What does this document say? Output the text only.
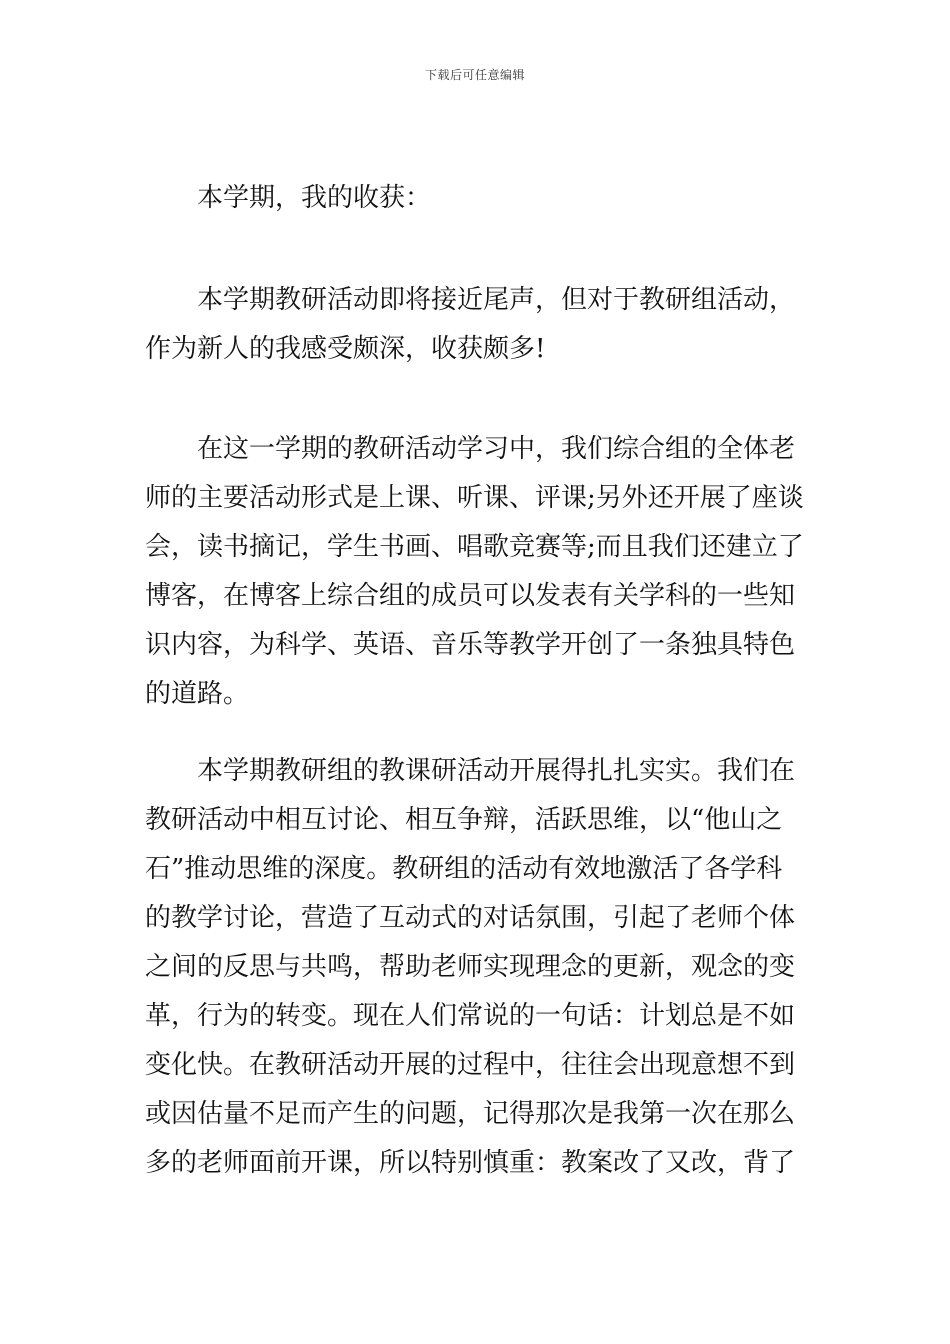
下载后可任意编辑

本学期，我的收获：

本学期教研活动即将接近尾声，但对于教研组活动，
作为新人的我感受颇深，收获颇多!

在这一学期的教研活动学习中，我们综合组的全体老
师的主要活动形式是上课、听课、评课;另外还开展了座谈
会，读书摘记，学生书画、唱歌竞赛等;而且我们还建立了
博客，在博客上综合组的成员可以发表有关学科的一些知
识内容，为科学、英语、音乐等教学开创了一条独具特色
的道路。

本学期教研组的教课研活动开展得扎扎实实。我们在
教研活动中相互讨论、相互争辩，活跃思维，以“他山之
石”推动思维的深度。教研组的活动有效地激活了各学科
的教学讨论，营造了互动式的对话氛围，引起了老师个体
之间的反思与共鸣，帮助老师实现理念的更新，观念的变
革，行为的转变。现在人们常说的一句话：计划总是不如
变化快。在教研活动开展的过程中，往往会出现意想不到
或因估量不足而产生的问题，记得那次是我第一次在那么
多的老师面前开课，所以特别慎重：教案改了又改，背了
